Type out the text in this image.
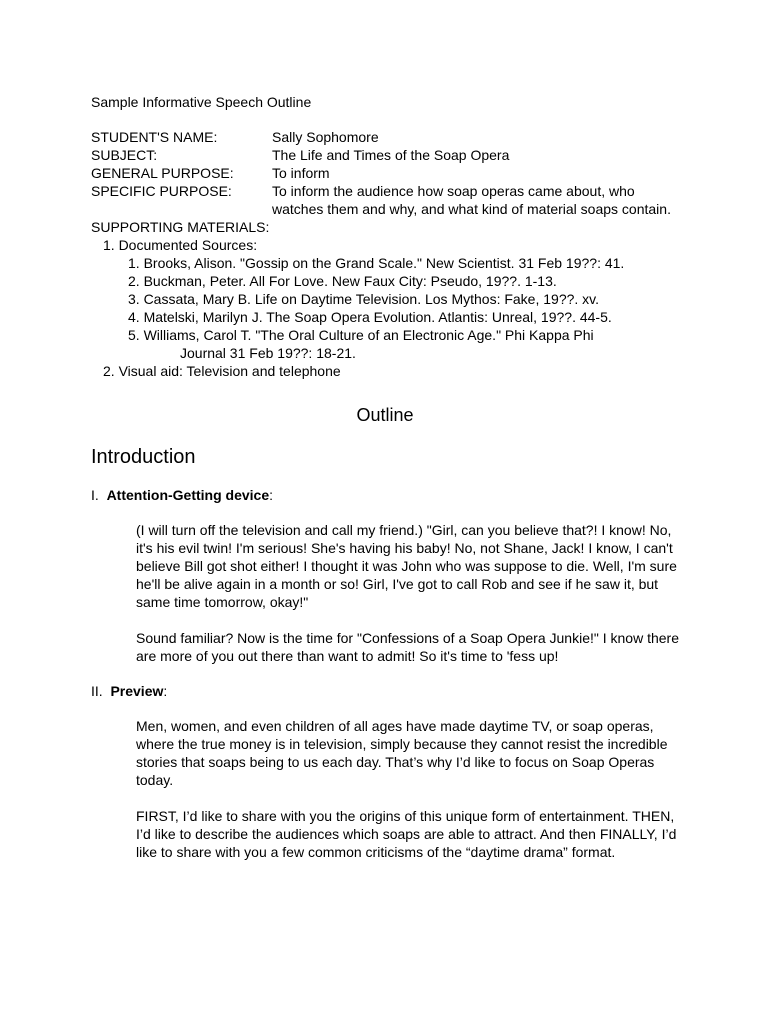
Sample Informative Speech Outline
STUDENT'S NAME:	Sally Sophomore
SUBJECT:	The Life and Times of the Soap Opera
GENERAL PURPOSE:	To inform
SPECIFIC PURPOSE:	To inform the audience how soap operas came about, who watches them and why, and what kind of material soaps contain.
SUPPORTING MATERIALS:
1. Documented Sources:
1. Brooks, Alison. "Gossip on the Grand Scale." New Scientist. 31 Feb 19??: 41.
2. Buckman, Peter. All For Love. New Faux City: Pseudo, 19??. 1-13.
3. Cassata, Mary B. Life on Daytime Television. Los Mythos: Fake, 19??. xv.
4. Matelski, Marilyn J. The Soap Opera Evolution. Atlantis: Unreal, 19??. 44-5.
5. Williams, Carol T. "The Oral Culture of an Electronic Age." Phi Kappa Phi
Journal 31 Feb 19??: 18-21.
2. Visual aid: Television and telephone
Outline
Introduction
I. Attention-Getting device:

(I will turn off the television and call my friend.) "Girl, can you believe that?! I know! No, it's his evil twin! I'm serious! She's having his baby! No, not Shane, Jack! I know, I can't believe Bill got shot either! I thought it was John who was suppose to die. Well, I'm sure he'll be alive again in a month or so! Girl, I've got to call Rob and see if he saw it, but same time tomorrow, okay!"

Sound familiar? Now is the time for "Confessions of a Soap Opera Junkie!" I know there are more of you out there than want to admit! So it's time to 'fess up!

II. Preview:

Men, women, and even children of all ages have made daytime TV, or soap operas, where the true money is in television, simply because they cannot resist the incredible stories that soaps being to us each day. That’s why I’d like to focus on Soap Operas today.

FIRST, I’d like to share with you the origins of this unique form of entertainment. THEN, I’d like to describe the audiences which soaps are able to attract. And then FINALLY, I’d like to share with you a few common criticisms of the “daytime drama” format.
